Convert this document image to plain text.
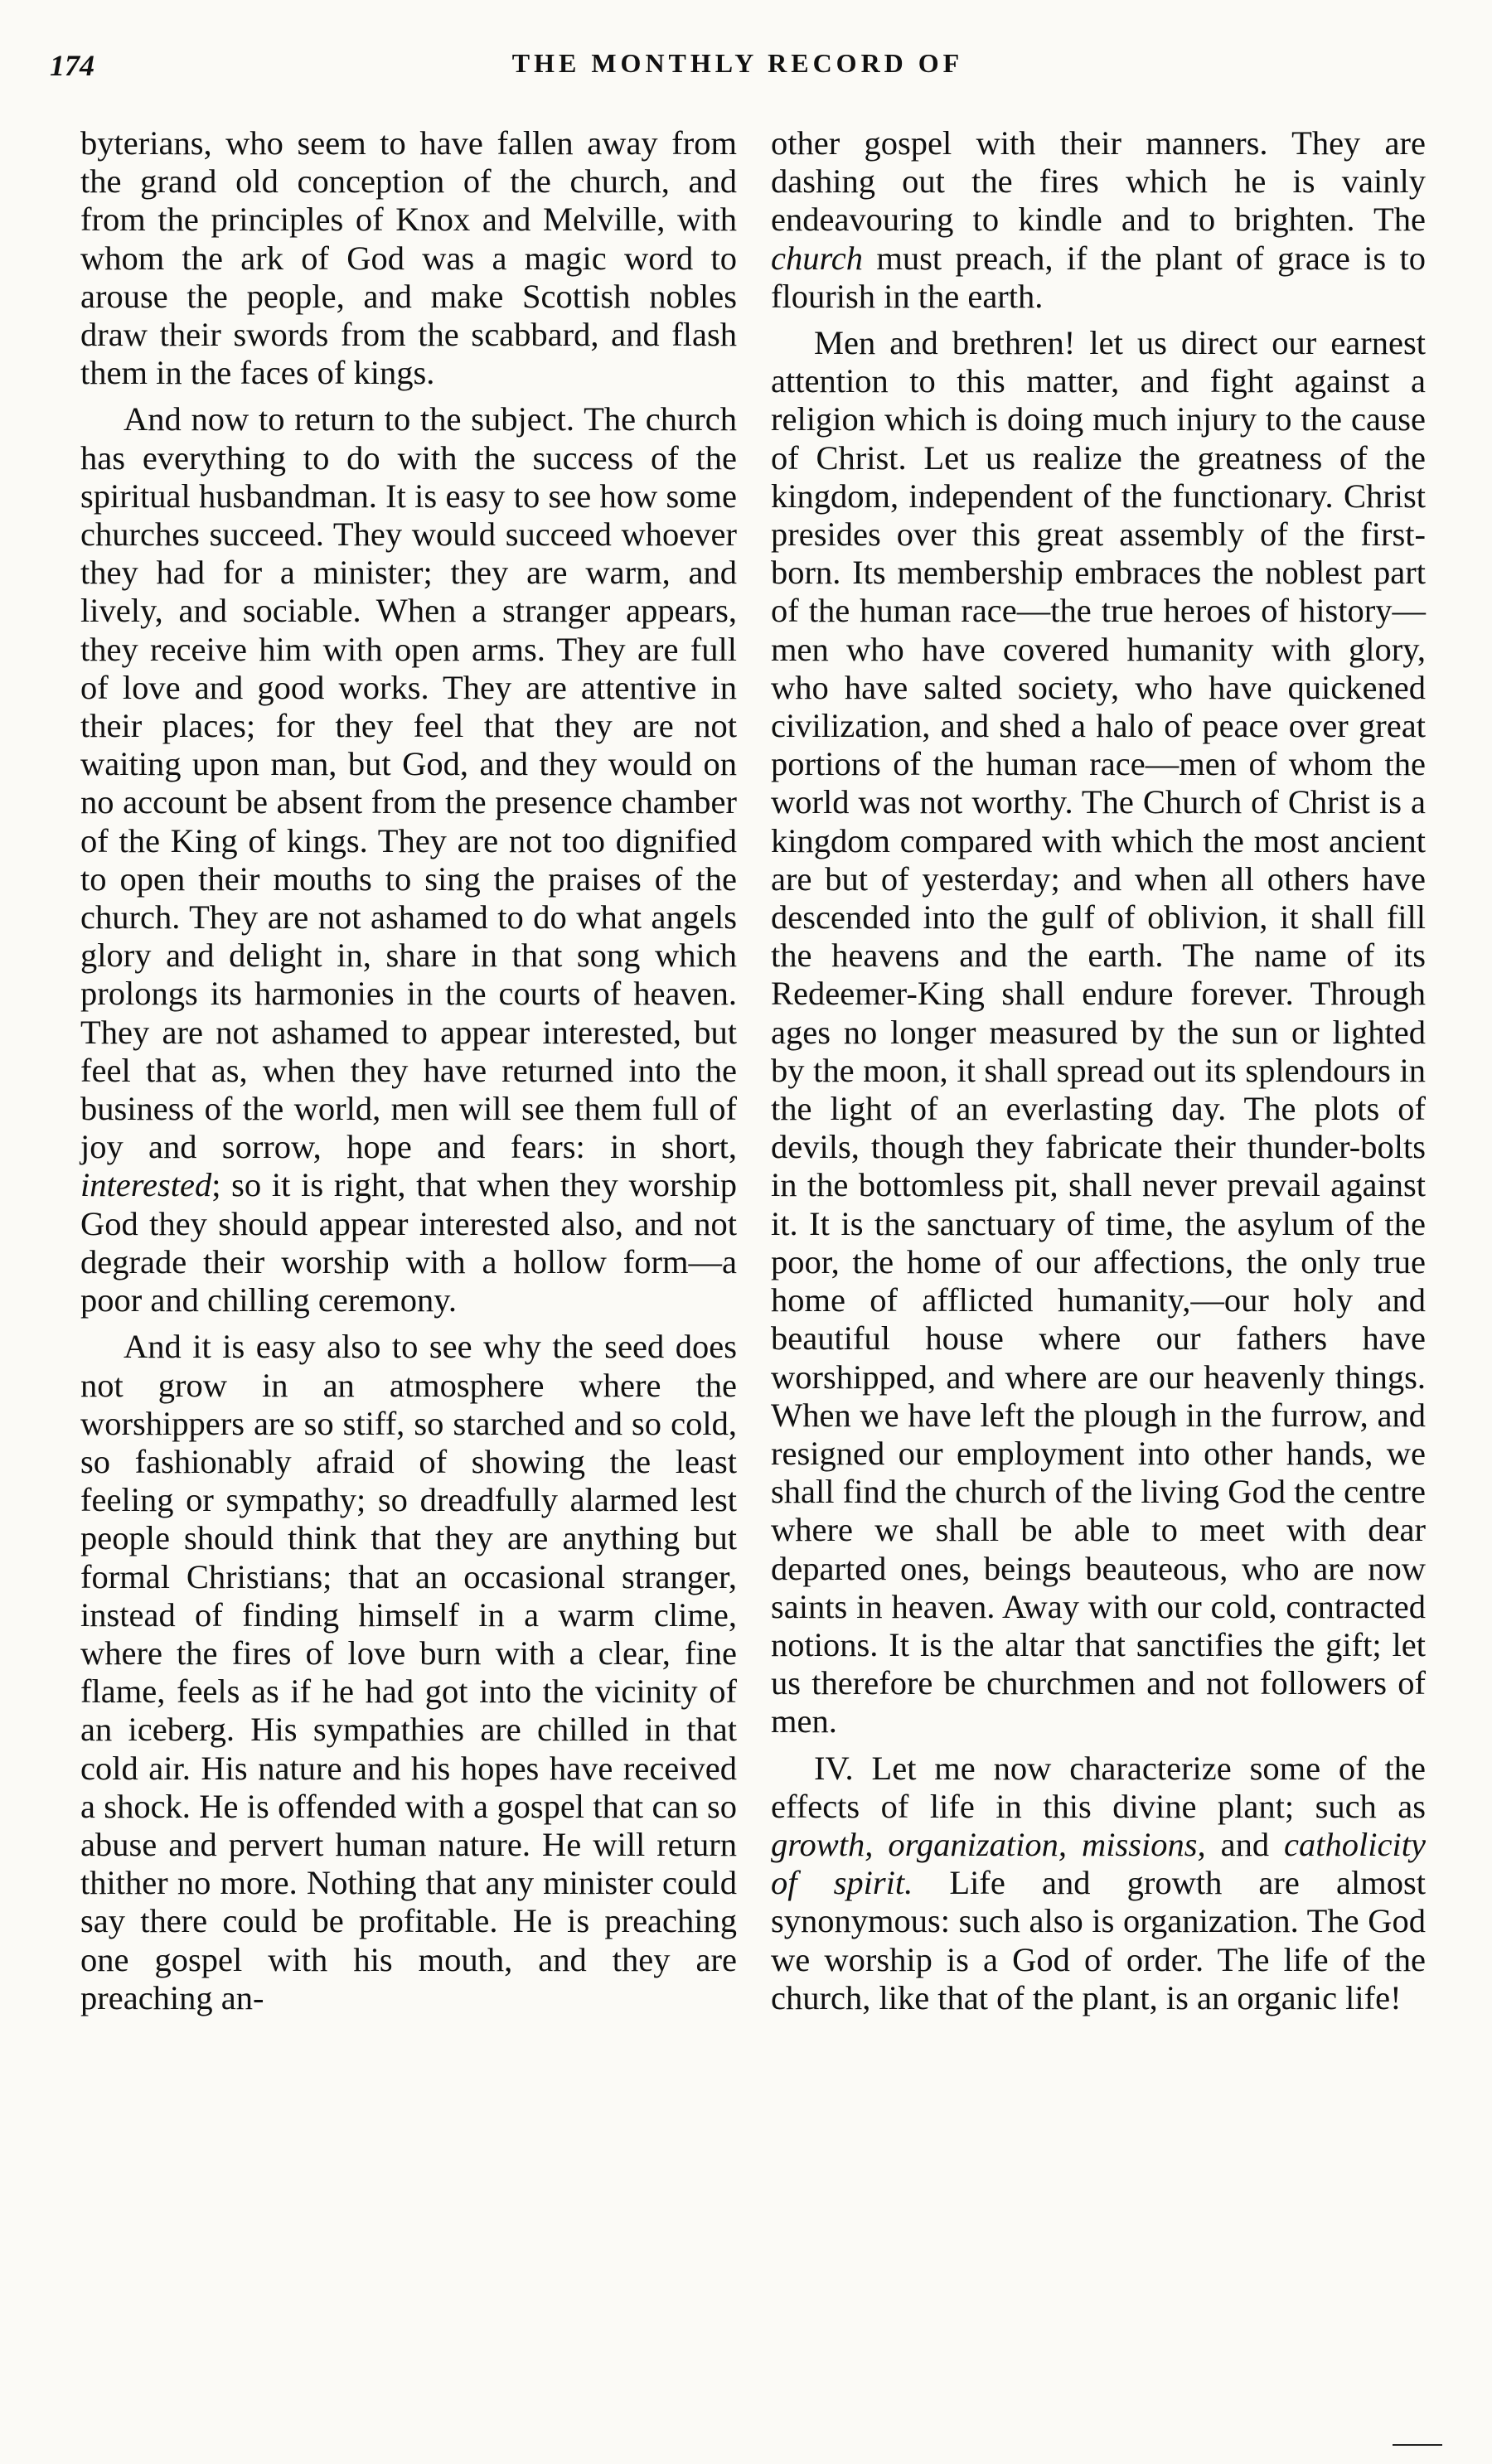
THE MONTHLY RECORD OF
174

byterians, who seem to have fallen away from the grand old conception of the church, and from the principles of Knox and Melville, with whom the ark of God was a magic word to arouse the people, and make Scottish nobles draw their swords from the scabbard, and flash them in the faces of kings.

And now to return to the subject. The church has everything to do with the success of the spiritual husbandman. It is easy to see how some churches succeed. They would succeed whoever they had for a minister; they are warm, and lively, and sociable. When a stranger appears, they receive him with open arms. They are full of love and good works. They are attentive in their places; for they feel that they are not waiting upon man, but God, and they would on no account be absent from the presence chamber of the King of kings. They are not too dignified to open their mouths to sing the praises of the church. They are not ashamed to do what angels glory and delight in, share in that song which prolongs its harmonies in the courts of heaven. They are not ashamed to appear interested, but feel that as, when they have returned into the business of the world, men will see them full of joy and sorrow, hope and fears: in short, interested; so it is right, that when they worship God they should appear interested also, and not degrade their worship with a hollow form—a poor and chilling ceremony.

And it is easy also to see why the seed does not grow in an atmosphere where the worshippers are so stiff, so starched and so cold, so fashionably afraid of showing the least feeling or sympathy; so dreadfully alarmed lest people should think that they are anything but formal Christians; that an occasional stranger, instead of finding himself in a warm clime, where the fires of love burn with a clear, fine flame, feels as if he had got into the vicinity of an iceberg. His sympathies are chilled in that cold air. His nature and his hopes have received a shock. He is offended with a gospel that can so abuse and pervert human nature. He will return thither no more. Nothing that any minister could say there could be profitable. He is preaching one gospel with his mouth, and they are preaching an-

other gospel with their manners. They are dashing out the fires which he is vainly endeavouring to kindle and to brighten. The church must preach, if the plant of grace is to flourish in the earth.

Men and brethren! let us direct our earnest attention to this matter, and fight against a religion which is doing much injury to the cause of Christ. Let us realize the greatness of the kingdom, independent of the functionary. Christ presides over this great assembly of the first-born. Its membership embraces the noblest part of the human race—the true heroes of history—men who have covered humanity with glory, who have salted society, who have quickened civilization, and shed a halo of peace over great portions of the human race—men of whom the world was not worthy. The Church of Christ is a kingdom compared with which the most ancient are but of yesterday; and when all others have descended into the gulf of oblivion, it shall fill the heavens and the earth. The name of its Redeemer-King shall endure forever. Through ages no longer measured by the sun or lighted by the moon, it shall spread out its splendours in the light of an everlasting day. The plots of devils, though they fabricate their thunder-bolts in the bottomless pit, shall never prevail against it. It is the sanctuary of time, the asylum of the poor, the home of our affections, the only true home of afflicted humanity,—our holy and beautiful house where our fathers have worshipped, and where are our heavenly things. When we have left the plough in the furrow, and resigned our employment into other hands, we shall find the church of the living God the centre where we shall be able to meet with dear departed ones, beings beauteous, who are now saints in heaven. Away with our cold, contracted notions. It is the altar that sanctifies the gift; let us therefore be churchmen and not followers of men.

IV. Let me now characterize some of the effects of life in this divine plant; such as growth, organization, missions, and catholicity of spirit. Life and growth are almost synonymous: such also is organization. The God we worship is a God of order. The life of the church, like that of the plant, is an organic life!
